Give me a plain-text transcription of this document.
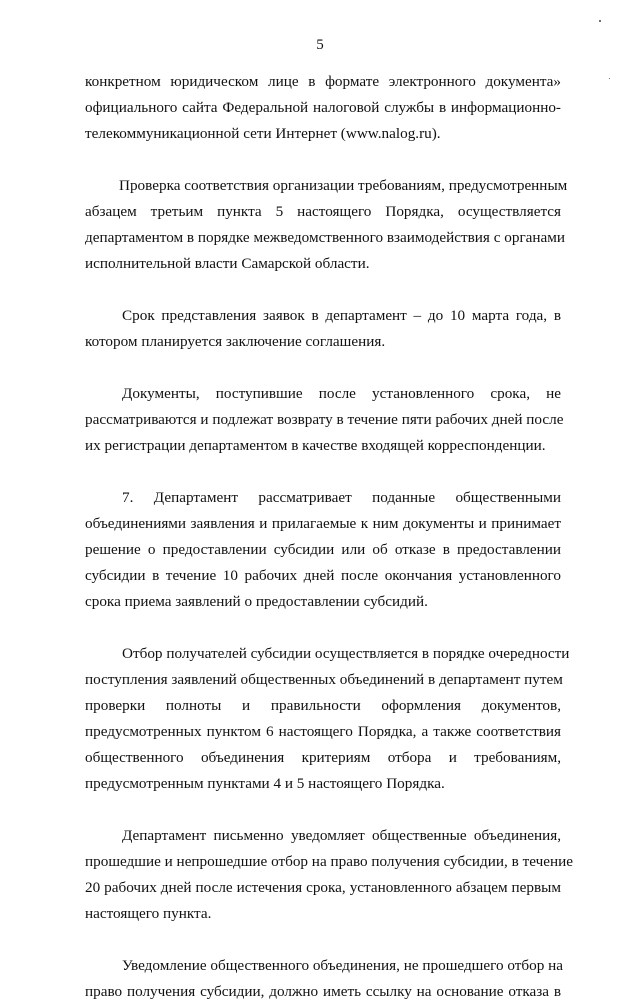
5
конкретном юридическом лице в формате электронного документа»
официального сайта Федеральной налоговой службы в информационно-
телекоммуникационной сети Интернет (www.nalog.ru).
Проверка соответствия организации требованиям, предусмотренным
абзацем третьим пункта 5 настоящего Порядка, осуществляется
департаментом в порядке межведомственного взаимодействия с органами
исполнительной власти Самарской области.
Срок представления заявок в департамент – до 10 марта года, в
котором планируется заключение соглашения.
Документы, поступившие после установленного срока, не
рассматриваются и подлежат возврату в течение пяти рабочих дней после
их регистрации департаментом в качестве входящей корреспонденции.
7. Департамент рассматривает поданные общественными
объединениями заявления и прилагаемые к ним документы и принимает
решение о предоставлении субсидии или об отказе в предоставлении
субсидии в течение 10 рабочих дней после окончания установленного
срока приема заявлений о предоставлении субсидий.
Отбор получателей субсидии осуществляется в порядке очередности
поступления заявлений общественных объединений в департамент путем
проверки полноты и правильности оформления документов,
предусмотренных пунктом 6 настоящего Порядка, а также соответствия
общественного объединения критериям отбора и требованиям,
предусмотренным пунктами 4 и 5 настоящего Порядка.
Департамент письменно уведомляет общественные объединения,
прошедшие и непрошедшие отбор на право получения субсидии, в течение
20 рабочих дней после истечения срока, установленного абзацем первым
настоящего пункта.
Уведомление общественного объединения, не прошедшего отбор на
право получения субсидии, должно иметь ссылку на основание отказа в
